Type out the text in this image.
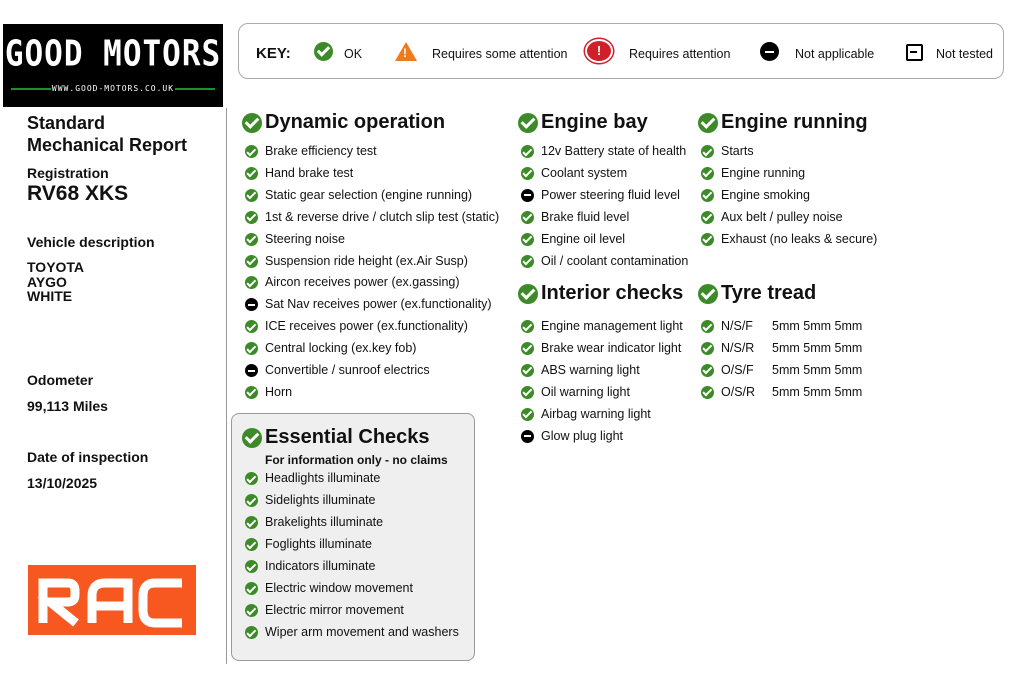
GOOD MOTORS
WWW.GOOD-MOTORS.CO.UK
Standard
Mechanical Report
Registration
RV68 XKS
Vehicle description
TOYOTA
AYGO
WHITE
Odometer
99,113 Miles
Date of inspection
13/10/2025
KEY:	OK	! Requires some attention	!	Requires attention	Not applicable	Not tested
Dynamic operation
Brake efficiency test
Hand brake test
Static gear selection (engine running)
1st & reverse drive / clutch slip test (static)
Steering noise
Suspension ride height (ex.Air Susp)
Aircon receives power (ex.gassing)
Sat Nav receives power (ex.functionality)
ICE receives power (ex.functionality)
Central locking (ex.key fob)
Convertible / sunroof electrics
Horn
Essential Checks
For information only - no claims
Headlights illuminate
Sidelights illuminate
Brakelights illuminate
Foglights illuminate
Indicators illuminate
Electric window movement
Electric mirror movement
Wiper arm movement and washers
Engine bay
12v Battery state of health
Coolant system
Power steering fluid level
Brake fluid level
Engine oil level
Oil / coolant contamination
Interior checks
Engine management light
Brake wear indicator light
ABS warning light
Oil warning light
Airbag warning light
Glow plug light
Engine running
Starts
Engine running
Engine smoking
Aux belt / pulley noise
Exhaust (no leaks & secure)
Tyre tread
N/S/F 5mm 5mm 5mm
N/S/R 5mm 5mm 5mm
O/S/F 5mm 5mm 5mm
O/S/R 5mm 5mm 5mm
